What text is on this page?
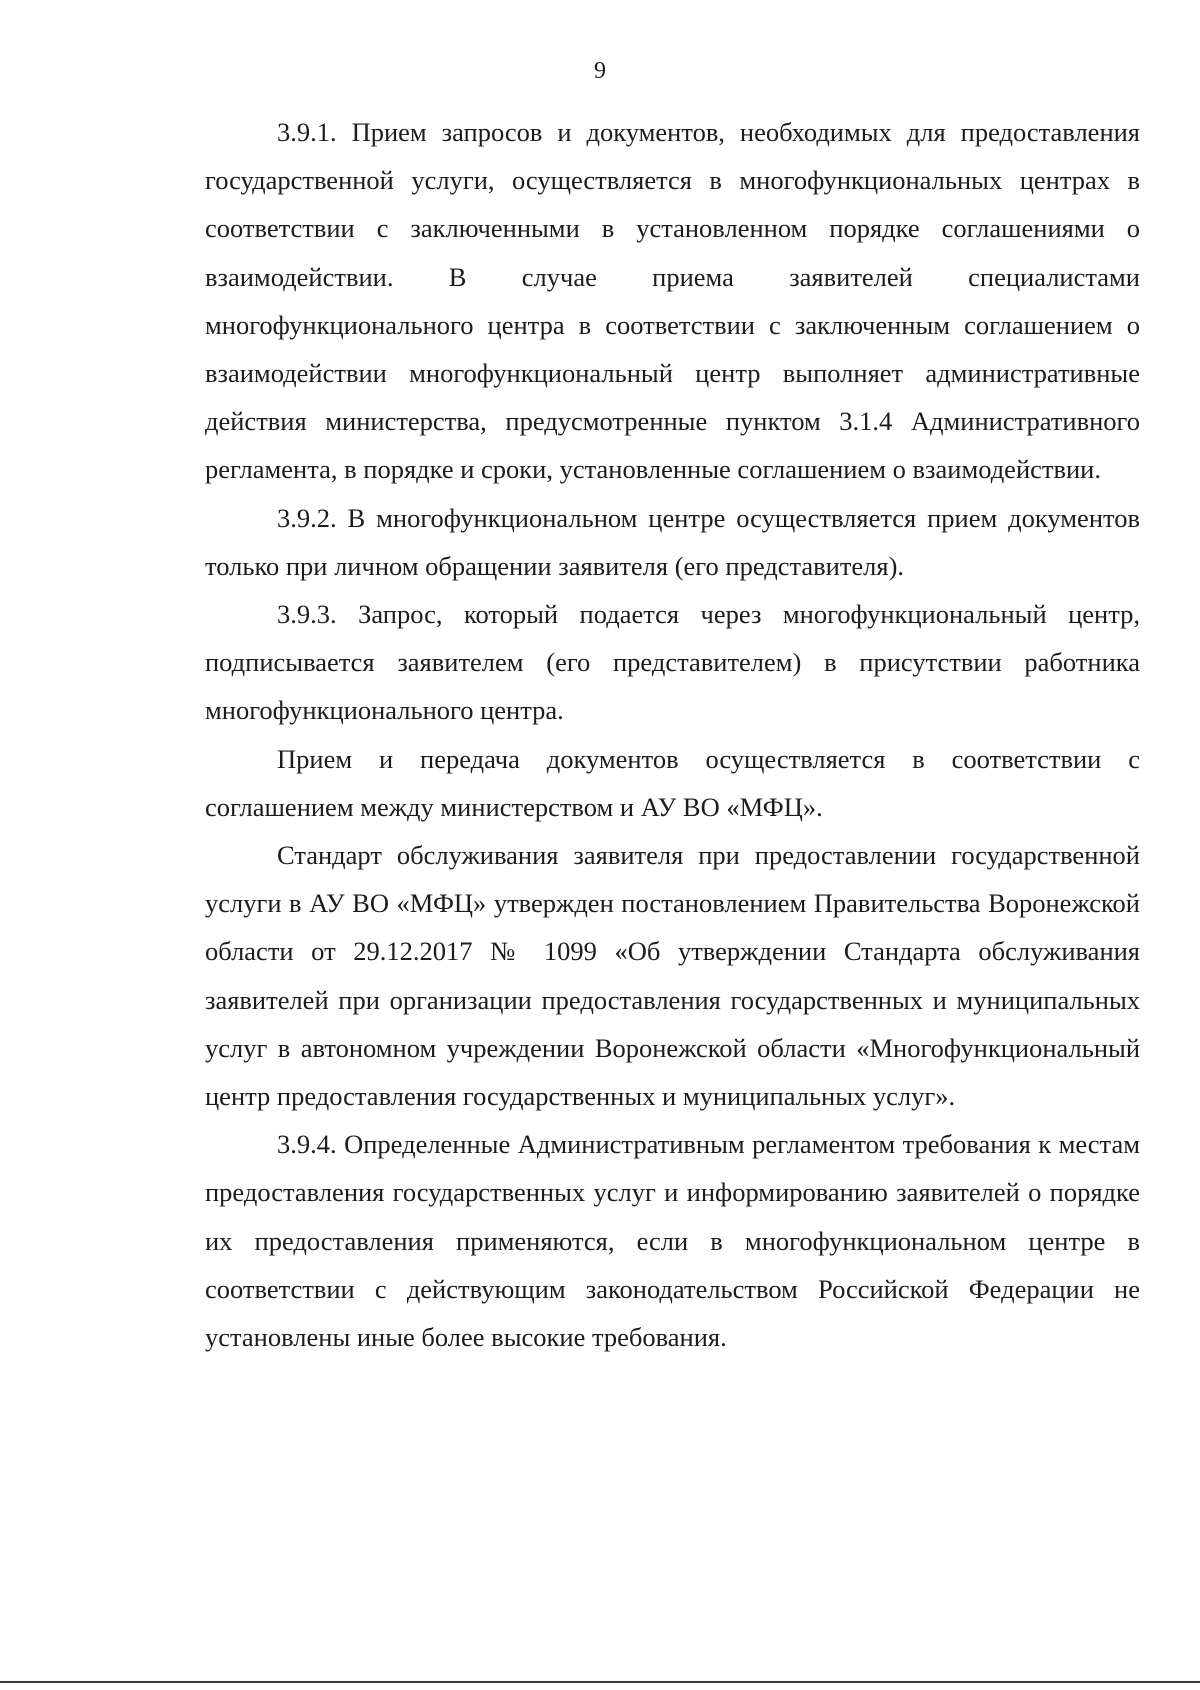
9

3.9.1. Прием запросов и документов, необходимых для предоставления государственной услуги, осуществляется в многофункциональных центрах в соответствии с заключенными в установленном порядке соглашениями о взаимодействии. В случае приема заявителей специалистами многофункционального центра в соответствии с заключенным соглашением о взаимодействии многофункциональный центр выполняет административные действия министерства, предусмотренные пунктом 3.1.4 Административного регламента, в порядке и сроки, установленные соглашением о взаимодействии.

3.9.2. В многофункциональном центре осуществляется прием документов только при личном обращении заявителя (его представителя).

3.9.3. Запрос, который подается через многофункциональный центр, подписывается заявителем (его представителем) в присутствии работника многофункционального центра.

Прием и передача документов осуществляется в соответствии с соглашением между министерством и АУ ВО «МФЦ».

Стандарт обслуживания заявителя при предоставлении государственной услуги в АУ ВО «МФЦ» утвержден постановлением Правительства Воронежской области от 29.12.2017 № 1099 «Об утверждении Стандарта обслуживания заявителей при организации предоставления государственных и муниципальных услуг в автономном учреждении Воронежской области «Многофункциональный центр предоставления государственных и муниципальных услуг».

3.9.4. Определенные Административным регламентом требования к местам предоставления государственных услуг и информированию заявителей о порядке их предоставления применяются, если в многофункциональном центре в соответствии с действующим законодательством Российской Федерации не установлены иные более высокие требования.
